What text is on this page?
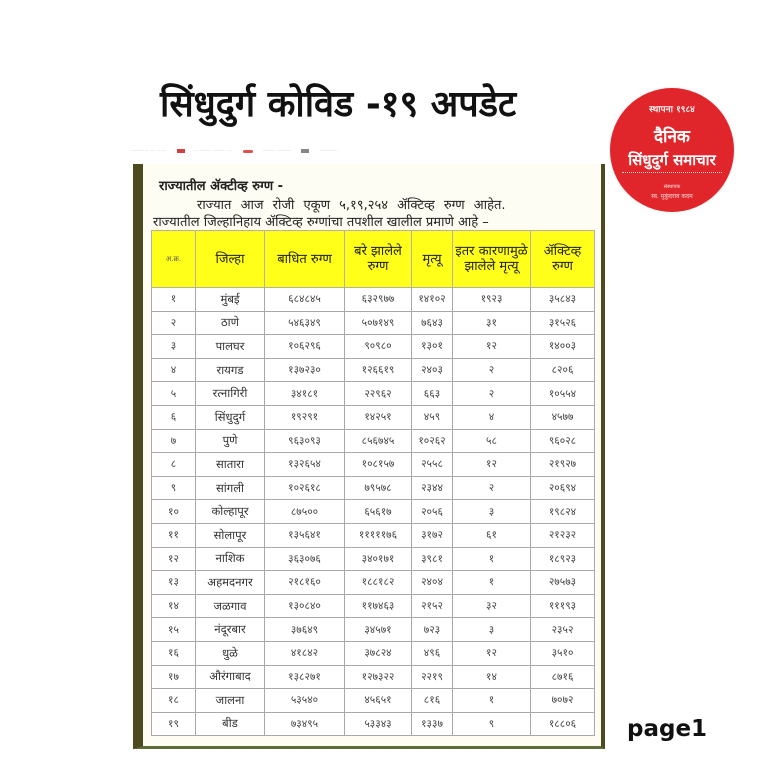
सिंधुदुर्ग कोविड -१९ अपडेट	स्थापना १९८४
दैनिक
सिंधुदुर्ग समाचार
संस्थापक
स्व. मुकुंदराव कदम
············ ··· ······	·········· ········ ····	········ ·········	·········· ·
राज्यातील ॲक्टीव्ह रुग्ण -
राज्यात आज रोजी एकूण ५,१९,२५४ ॲक्टिव्ह रुग्ण आहेत.
राज्यातील जिल्हानिहाय ॲक्टिव्ह रुग्णांचा तपशील खालील प्रमाणे आहे –
अ.क्र.	जिल्हा	बाधित रुग्ण	बरे झालेले रुग्ण	मृत्यू	इतर कारणामुळे झालेले मृत्यू	ॲक्टिव्ह रुग्ण
१	मुंबई	६८४८४५	६३२९७७	१४१०२	१९२३	३५८४३
२	ठाणे	५४६३४९	५०७१४९	७६४३	३१	३१५२६
३	पालघर	१०६२९६	९०९८०	१३०१	१२	१४००३
४	रायगड	१३७२३०	१२६६१९	२४०३	२	८२०६
५	रत्नागिरी	३४१८१	२२९६२	६६३	२	१०५५४
६	सिंधुदुर्ग	१९२९१	१४२५१	४५९	४	४५७७
७	पुणे	९६३०९३	८५६७४५	१०२६२	५८	९६०२८
८	सातारा	१३२६५४	१०८१५७	२५५८	१२	२१९२७
९	सांगली	१०२६१८	७९५७८	२३४४	२	२०६९४
१०	कोल्हापूर	८७५००	६५६१७	२०५६	३	१९८२४
११	सोलापूर	१३५६४१	१११११७६	३१७२	६१	२१२३२
१२	नाशिक	३६३०७६	३४०१७१	३९८१	१	१८९२३
१३	अहमदनगर	२१८१६०	१८८१८२	२४०४	१	२७५७३
१४	जळगाव	१३०८४०	११७४६३	२१५२	३२	१११९३
१५	नंदूरबार	३७६४९	३४५७१	७२३	३	२३५२
१६	धुळे	४१८४२	३७८२४	४९६	१२	३५१०
१७	औरंगाबाद	१३८२७१	१२७३२२	२२१९	१४	८७१६
१८	जालना	५३५४०	४५६५१	८१६	१	७०७२
१९	बीड	७३४९५	५३३४३	१३३७	९	१८८०६ page1
